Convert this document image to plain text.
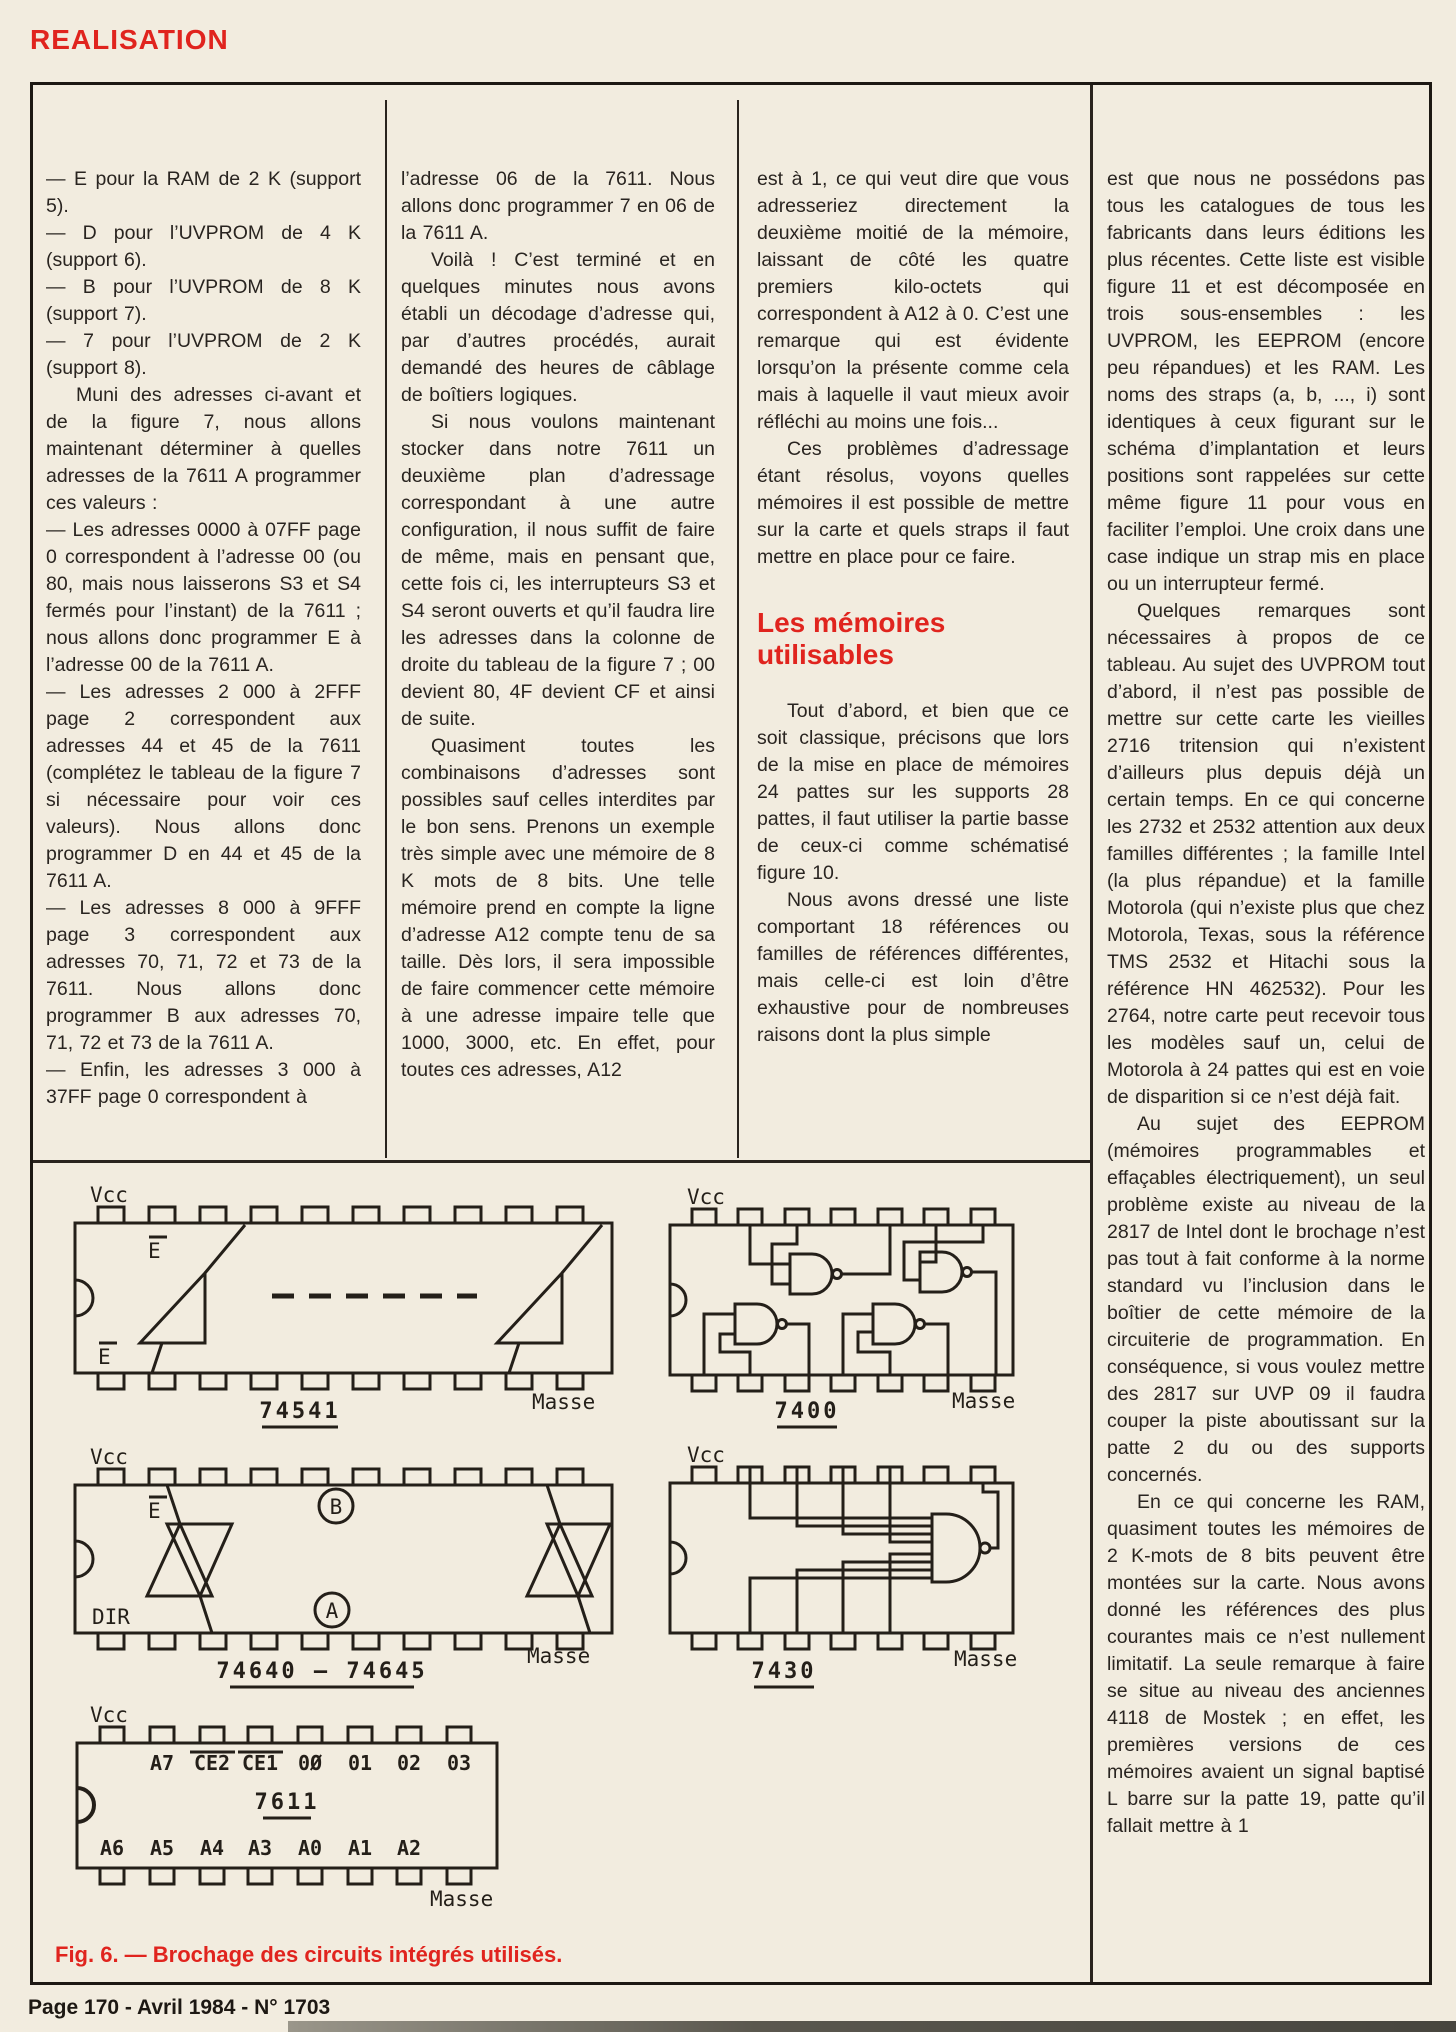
REALISATION

— E pour la RAM de 2 K (support 5).

— D pour l’UVPROM de 4 K (support 6).

— B pour l’UVPROM de 8 K (support 7).

— 7 pour l’UVPROM de 2 K (support 8).

Muni des adresses ci-avant et de la figure 7, nous allons maintenant déterminer à quelles adresses de la 7611 A programmer ces valeurs :

— Les adresses 0000 à 07FF page 0 correspondent à l’adresse 00 (ou 80, mais nous laisserons S3 et S4 fermés pour l’instant) de la 7611 ; nous allons donc programmer E à l’adresse 00 de la 7611 A.

— Les adresses 2 000 à 2FFF page 2 correspondent aux adresses 44 et 45 de la 7611 (complétez le tableau de la figure 7 si nécessaire pour voir ces valeurs). Nous allons donc programmer D en 44 et 45 de la 7611 A.

— Les adresses 8 000 à 9FFF page 3 correspondent aux adresses 70, 71, 72 et 73 de la 7611. Nous allons donc programmer B aux adresses 70, 71, 72 et 73 de la 7611 A.

— Enfin, les adresses 3 000 à 37FF page 0 correspondent à

l’adresse 06 de la 7611. Nous allons donc programmer 7 en 06 de la 7611 A.

Voilà ! C’est terminé et en quelques minutes nous avons établi un décodage d’adresse qui, par d’autres procédés, aurait demandé des heures de câblage de boîtiers logiques.

Si nous voulons maintenant stocker dans notre 7611 un deuxième plan d’adressage correspondant à une autre configuration, il nous suffit de faire de même, mais en pensant que, cette fois ci, les interrupteurs S3 et S4 seront ouverts et qu’il faudra lire les adresses dans la colonne de droite du tableau de la figure 7 ; 00 devient 80, 4F devient CF et ainsi de suite.

Quasiment toutes les combinaisons d’adresses sont possibles sauf celles interdites par le bon sens. Prenons un exemple très simple avec une mémoire de 8 K mots de 8 bits. Une telle mémoire prend en compte la ligne d’adresse A12 compte tenu de sa taille. Dès lors, il sera impossible de faire commencer cette mémoire à une adresse impaire telle que 1000, 3000, etc. En effet, pour toutes ces adresses, A12

est à 1, ce qui veut dire que vous adresseriez directement la deuxième moitié de la mémoire, laissant de côté les quatre premiers kilo-octets qui correspondent à A12 à 0. C’est une remarque qui est évidente lorsqu’on la présente comme cela mais à laquelle il vaut mieux avoir réfléchi au moins une fois...

Ces problèmes d’adressage étant résolus, voyons quelles mémoires il est possible de mettre sur la carte et quels straps il faut mettre en place pour ce faire.

Les mémoires utilisables

Tout d’abord, et bien que ce soit classique, précisons que lors de la mise en place de mémoires 24 pattes sur les supports 28 pattes, il faut utiliser la partie basse de ceux-ci comme schématisé figure 10.

Nous avons dressé une liste comportant 18 références ou familles de références différentes, mais celle-ci est loin d’être exhaustive pour de nombreuses raisons dont la plus simple

est que nous ne possédons pas tous les catalogues de tous les fabricants dans leurs éditions les plus récentes. Cette liste est visible figure 11 et est décomposée en trois sous-ensembles : les UVPROM, les EEPROM (encore peu répandues) et les RAM. Les noms des straps (a, b, ..., i) sont identiques à ceux figurant sur le schéma d’implantation et leurs positions sont rappelées sur cette même figure 11 pour vous en faciliter l’emploi. Une croix dans une case indique un strap mis en place ou un interrupteur fermé.

Quelques remarques sont nécessaires à propos de ce tableau. Au sujet des UVPROM tout d’abord, il n’est pas possible de mettre sur cette carte les vieilles 2716 tritension qui n’existent d’ailleurs plus depuis déjà un certain temps. En ce qui concerne les 2732 et 2532 attention aux deux familles différentes ; la famille Intel (la plus répandue) et la famille Motorola (qui n’existe plus que chez Motorola, Texas, sous la référence TMS 2532 et Hitachi sous la référence HN 462532). Pour les 2764, notre carte peut recevoir tous les modèles sauf un, celui de Motorola à 24 pattes qui est en voie de disparition si ce n’est déjà fait.

Au sujet des EEPROM (mémoires programmables et effaçables électriquement), un seul problème existe au niveau de la 2817 de Intel dont le brochage n’est pas tout à fait conforme à la norme standard vu l’inclusion dans le boîtier de cette mémoire de la circuiterie de programmation. En conséquence, si vous voulez mettre des 2817 sur UVP 09 il faudra couper la piste aboutissant sur la patte 2 du ou des supports concernés.

En ce qui concerne les RAM, quasiment toutes les mémoires de 2 K-mots de 8 bits peuvent être montées sur la carte. Nous avons donné les références des plus courantes mais ce n’est nullement limitatif. La seule remarque à faire se situe au niveau des anciennes 4118 de Mostek ; en effet, les premières versions de ces mémoires avaient un signal baptisé L barre sur la patte 19, patte qu’il fallait mettre à 1

Vcc
E
E
Masse
74541
Vcc
Masse
7400
Vcc
E
DIR
B
A
Masse
74640 – 74645
Vcc
Masse
7430
Vcc
A7 CE2 CE1 0Ø 01 02 03
A6 A5 A4 A3 A0 A1 A2
7611
Masse
Fig. 6. — Brochage des circuits intégrés utilisés.
Page 170 - Avril 1984 - N° 1703
